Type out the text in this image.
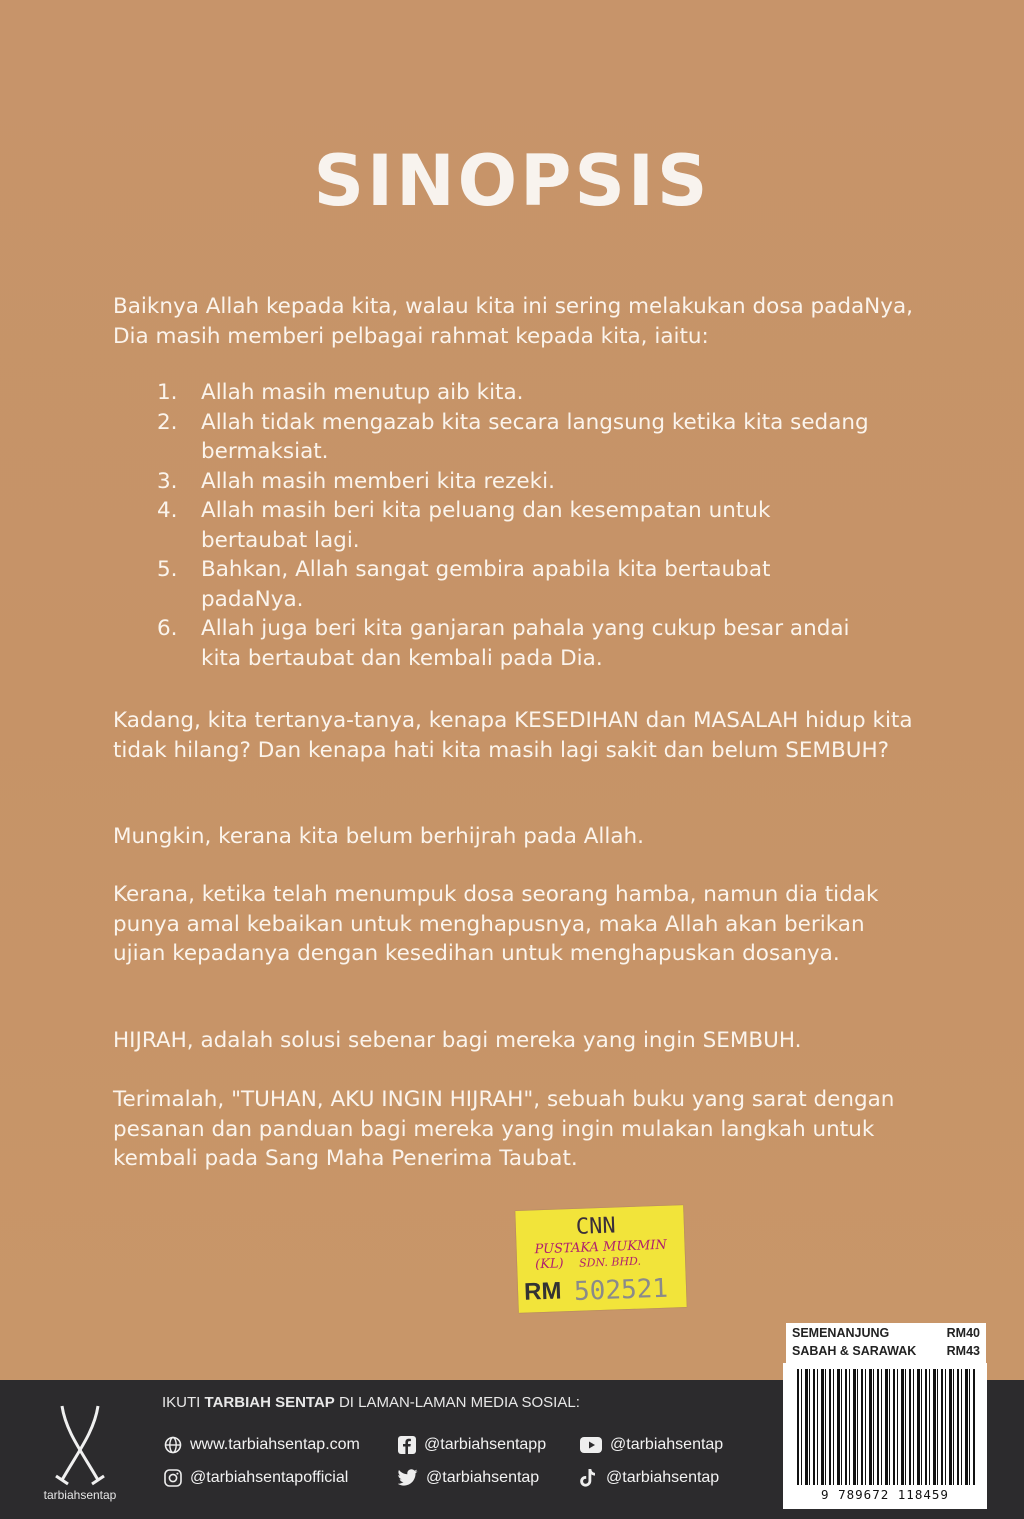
SINOPSIS

Baiknya Allah kepada kita, walau kita ini sering melakukan dosa padaNya, Dia masih memberi pelbagai rahmat kepada kita, iaitu:

1. Allah masih menutup aib kita.
2. Allah tidak mengazab kita secara langsung ketika kita sedang bermaksiat.
3. Allah masih memberi kita rezeki.
4. Allah masih beri kita peluang dan kesempatan untuk bertaubat lagi.
5. Bahkan, Allah sangat gembira apabila kita bertaubat padaNya.
6. Allah juga beri kita ganjaran pahala yang cukup besar andai kita bertaubat dan kembali pada Dia.

Kadang, kita tertanya-tanya, kenapa KESEDIHAN dan MASALAH hidup kita tidak hilang? Dan kenapa hati kita masih lagi sakit dan belum SEMBUH?

Mungkin, kerana kita belum berhijrah pada Allah.

Kerana, ketika telah menumpuk dosa seorang hamba, namun dia tidak punya amal kebaikan untuk menghapusnya, maka Allah akan berikan ujian kepadanya dengan kesedihan untuk menghapuskan dosanya.

HIJRAH, adalah solusi sebenar bagi mereka yang ingin SEMBUH.

Terimalah, "TUHAN, AKU INGIN HIJRAH", sebuah buku yang sarat dengan pesanan dan panduan bagi mereka yang ingin mulakan langkah untuk kembali pada Sang Maha Penerima Taubat.

CNN
PUSTAKA MUKMIN (KL)	SDN. BHD.
RM 502521
SEMENANJUNG	RM40
SABAH & SARAWAK RM43
tarbiahsentap
IKUTI TARBIAH SENTAP DI LAMAN-LAMAN MEDIA SOSIAL:
www.tarbiahsentap.com	@tarbiahsentapp	@tarbiahsentap
@tarbiahsentapofficial	@tarbiahsentap	@tarbiahsentap
9 789672 118459
